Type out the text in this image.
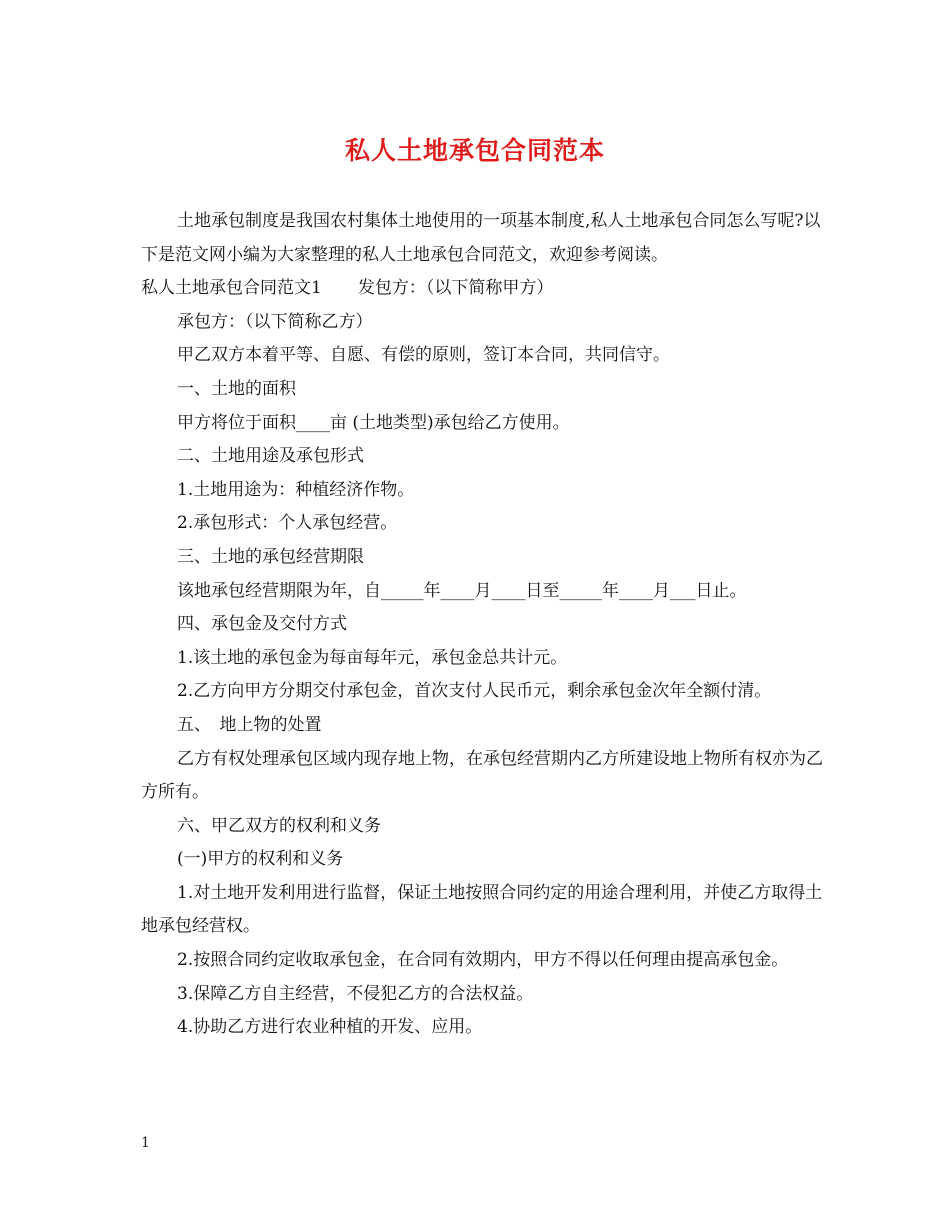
私人土地承包合同范本

土地承包制度是我国农村集体土地使用的一项基本制度,私人土地承包合同怎么写呢?以下是范文网小编为大家整理的私人土地承包合同范文，欢迎参考阅读。

私人土地承包合同范文1 发包方：（以下简称甲方）

承包方：（以下简称乙方）

甲乙双方本着平等、自愿、有偿的原则，签订本合同，共同信守。

一、土地的面积

甲方将位于面积____亩 (土地类型)承包给乙方使用。

二、土地用途及承包形式

1.土地用途为：种植经济作物。

2.承包形式：个人承包经营。

三、土地的承包经营期限

该地承包经营期限为年，自_____年____月____日至_____年____月___日止。

四、承包金及交付方式

1.该土地的承包金为每亩每年元，承包金总共计元。

2.乙方向甲方分期交付承包金，首次支付人民币元，剩余承包金次年全额付清。

五、　地上物的处置

乙方有权处理承包区域内现存地上物，在承包经营期内乙方所建设地上物所有权亦为乙方所有。

六、甲乙双方的权利和义务

(一)甲方的权利和义务

1.对土地开发利用进行监督，保证土地按照合同约定的用途合理利用，并使乙方取得土地承包经营权。

2.按照合同约定收取承包金，在合同有效期内，甲方不得以任何理由提高承包金。

3.保障乙方自主经营，不侵犯乙方的合法权益。

4.协助乙方进行农业种植的开发、应用。

1
